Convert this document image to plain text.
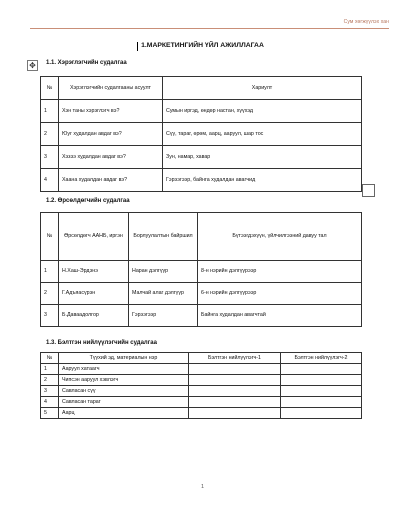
Сум хөгжүүлэх хан
1.МАРКЕТИНГИЙН ҮЙЛ АЖИЛЛАГАА
✥	1.1. Хэрэглэгчийн судалгаа
№	Хэрэглэгчийн судалгааны асуулт	Хариулт
1	Хэн таны хэрэглэгч вэ?	Сумын иргэд, өндөр настан, хүүхэд
2	Юуг худалдан авдаг вэ?	Сүү, тараг, өрөм, аарц, ааруул, шар тос
3	Хэзээ худалдан авдаг вэ?	Зун, намар, хавар
4	Хаана худалдан авдаг вэ?	Гэрээгээр, байнга худалдан авагчид
1.2. Өрсөлдөгчийн судалгаа
№	Өрсөлдөгч ААНБ, иргэн	Борлуулалтын байршил	Бүтээгдэхүүн, үйлчилгээний давуу тал
1	Н.Хаш-Эрдэнэ	Наран дэлгүүр	8-н нэрийн дэлгүүрээр
2	Г.Адъяасүрэн	Малчай алаг дэлгүүр	6-н нэрийн дэлгүүрээр
3	Б.Даваадолгор	Гэрээгээр	Байнга худалдан авагчтай
1.3. Бэлтгэн нийлүүлэгчийн судалгаа
№	Түүхий эд, материалын нэр	Бэлтгэн нийлүүлэгч-1	Бэлтгэн нийлүүлэгч-2
1	Ааруул хатаагч		
2	Чипсэн ааруул хэвлэгч		
3	Савласан сүү		
4	Савласан тараг		
5	Аарц		
1
